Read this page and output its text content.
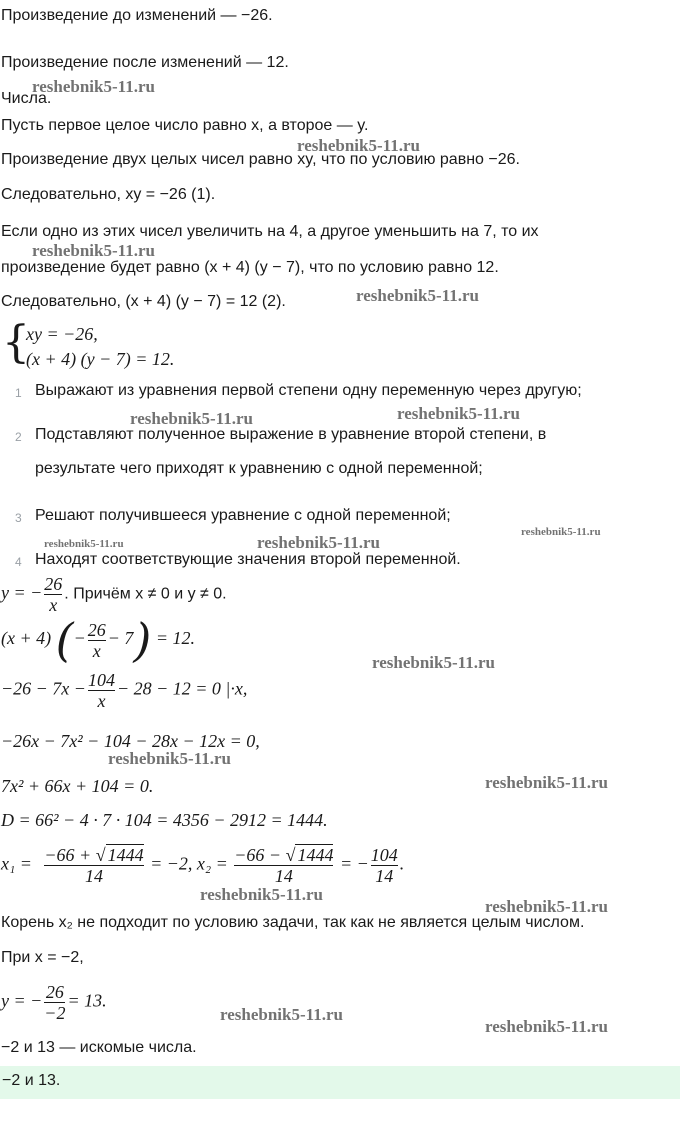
Произведение до изменений — −26.
Произведение после изменений — 12.
Числа.
Пусть первое целое число равно x, а второе — y.
Произведение двух целых чисел равно xy, что по условию равно −26.
Следовательно, xy = −26 (1).
Если одно из этих чисел увеличить на 4, а другое уменьшить на 7, то их
произведение будет равно (x + 4) (y − 7), что по условию равно 12.
Следовательно, (x + 4) (y − 7) = 12 (2).
{
xy = −26,
(x + 4) (y − 7) = 12.
1 Выражают из уравнения первой степени одну переменную через другую;
2 Подставляют полученное выражение в уравнение второй степени, в
результате чего приходят к уравнению с одной переменной;
3 Решают получившееся уравнение с одной переменной;
4 Находят соответствующие значения второй переменной.
y = − $\frac{26}{x}$ . Причём x ≠ 0 и y ≠ 0.
(x + 4) (− $\frac{26}{x} - 7) = 12$.
$-26 - 7x - \frac{104}{x} - 28 - 12 = 0$ |·x,
−26x − 7x² − 104 − 28x − 12x = 0,
7x² + 66x + 104 = 0.
D = 66² − 4 · 7 · 104 = 4356 − 2912 = 1444.
$x_1 = \frac{-66 + √ 1444}{14} = -2$, $x_2 = \frac{-66 - √ 1444}{14}$ = − $\frac{104}{14}$ .
Корень x₂ не подходит по условию задачи, так как не является целым числом.
При x = −2,
y = − $\frac{26}{-2} = 13$.
−2 и 13 — искомые числа.
−2 и 13.
reshebnik5-11.ru
reshebnik5-11.ru
reshebnik5-11.ru
reshebnik5-11.ru
reshebnik5-11.ru	reshebnik5-11.ru
reshebnik5-11.ru
reshebnik5-11.ru	reshebnik5-11.ru
reshebnik5-11.ru
reshebnik5-11.ru
reshebnik5-11.ru
reshebnik5-11.ru
reshebnik5-11.ru
reshebnik5-11.ru
reshebnik5-11.ru
